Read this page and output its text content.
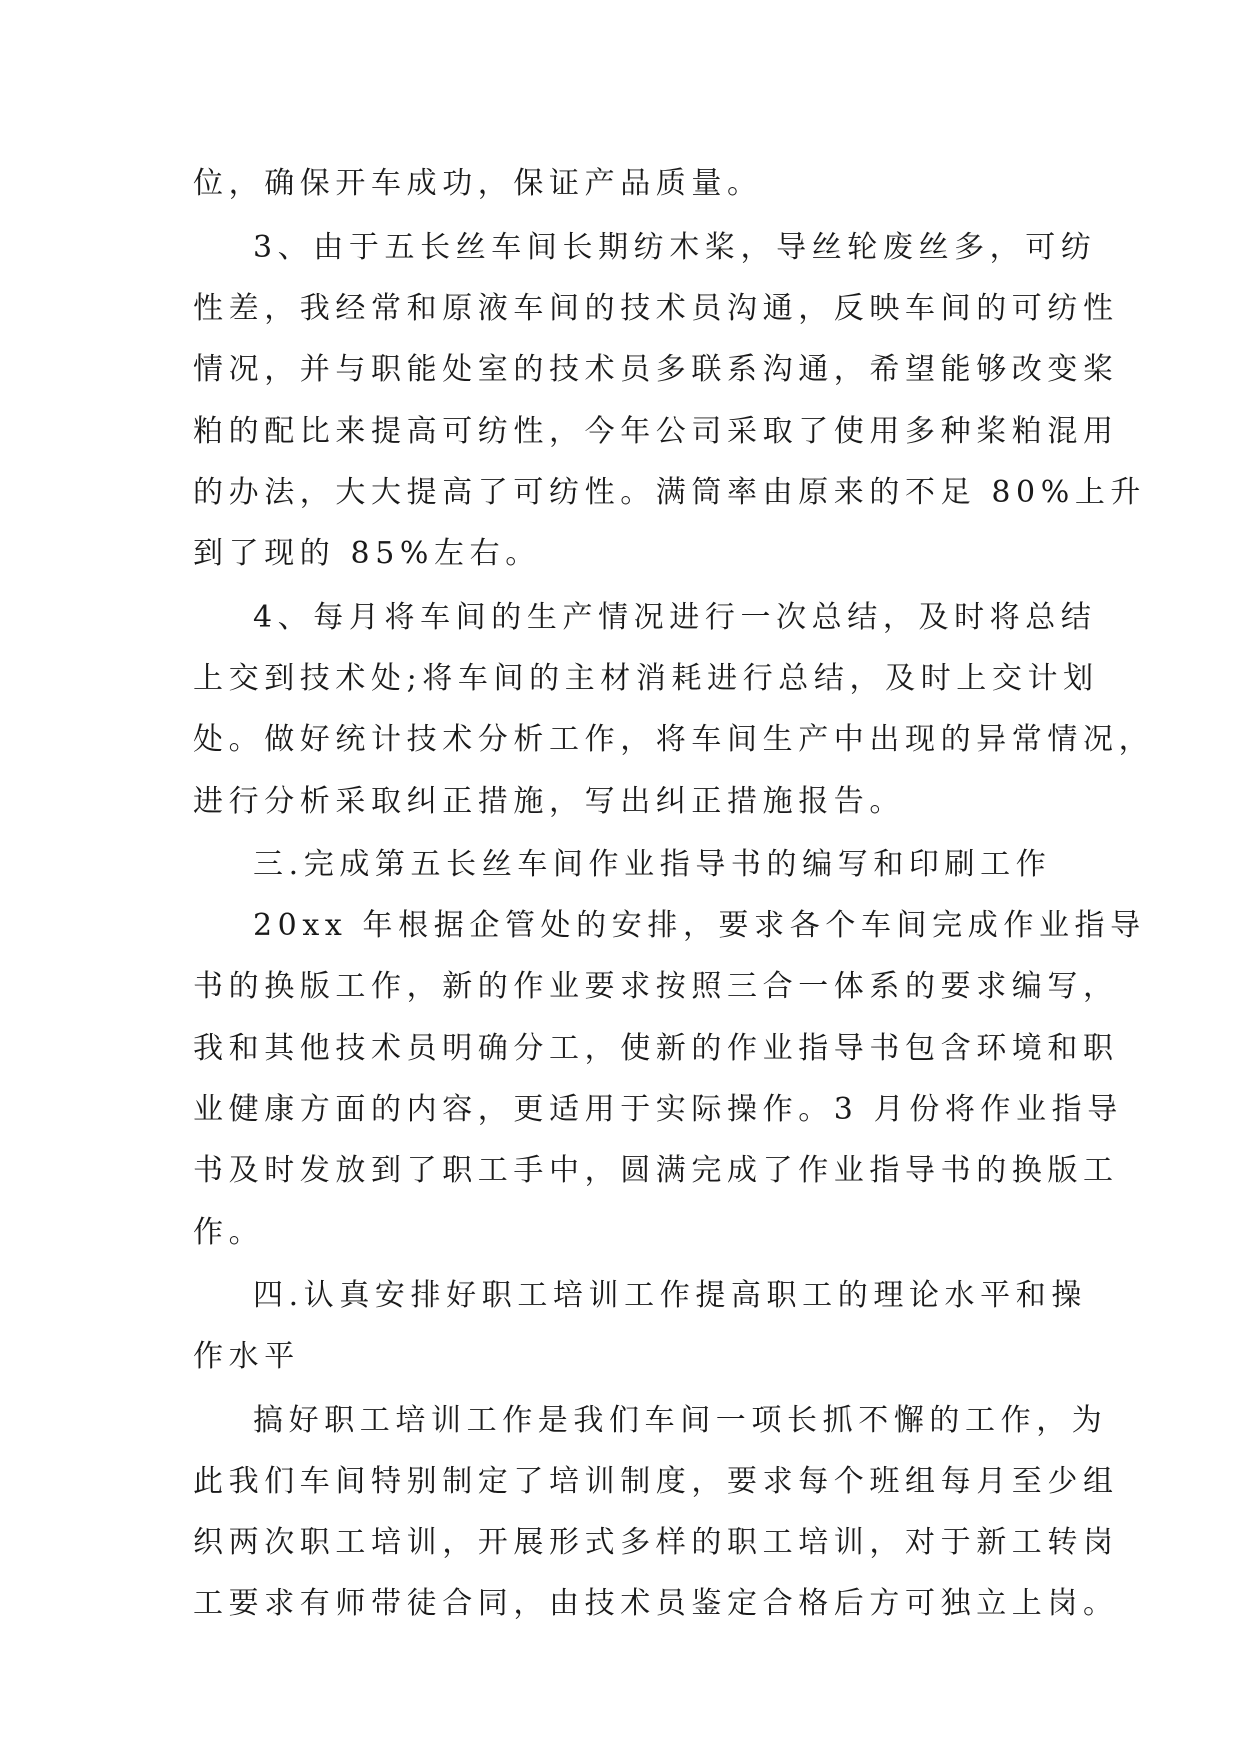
位，确保开车成功，保证产品质量。
3、由于五长丝车间长期纺木桨，导丝轮废丝多，可纺
性差，我经常和原液车间的技术员沟通，反映车间的可纺性
情况，并与职能处室的技术员多联系沟通，希望能够改变桨
粕的配比来提高可纺性，今年公司采取了使用多种桨粕混用
的办法，大大提高了可纺性。满筒率由原来的不足 80%上升
到了现的 85%左右。
4、每月将车间的生产情况进行一次总结，及时将总结
上交到技术处;将车间的主材消耗进行总结，及时上交计划
处。做好统计技术分析工作，将车间生产中出现的异常情况，
进行分析采取纠正措施，写出纠正措施报告。
三.完成第五长丝车间作业指导书的编写和印刷工作
20xx 年根据企管处的安排，要求各个车间完成作业指导
书的换版工作，新的作业要求按照三合一体系的要求编写，
我和其他技术员明确分工，使新的作业指导书包含环境和职
业健康方面的内容，更适用于实际操作。3 月份将作业指导
书及时发放到了职工手中，圆满完成了作业指导书的换版工
作。
四.认真安排好职工培训工作提高职工的理论水平和操
作水平
搞好职工培训工作是我们车间一项长抓不懈的工作，为
此我们车间特别制定了培训制度，要求每个班组每月至少组
织两次职工培训，开展形式多样的职工培训，对于新工转岗
工要求有师带徒合同，由技术员鉴定合格后方可独立上岗。
